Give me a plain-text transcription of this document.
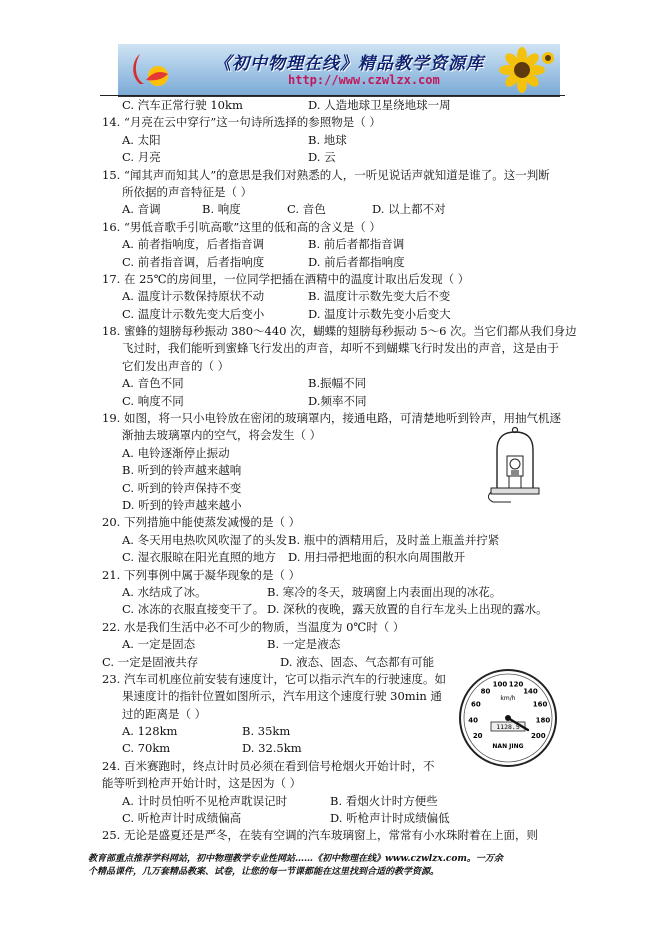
《初中物理在线》精品教学资源库
http://www.czwlzx.com
C. 汽车正常行驶 10km	D. 人造地球卫星绕地球一周
14. “月亮在云中穿行”这一句诗所选择的参照物是（ ）
A. 太阳	B. 地球
C. 月亮	D. 云
15. “闻其声而知其人”的意思是我们对熟悉的人，一听见说话声就知道是谁了。这一判断
所依据的声音特征是（ ）
A. 音调	B. 响度	C. 音色	D. 以上都不对
16. “男低音歌手引吭高歌”这里的低和高的含义是（ ）
A. 前者指响度，后者指音调	B. 前后者都指音调
C. 前者指音调，后者指响度	D. 前后者都指响度
17. 在 25℃的房间里，一位同学把插在酒精中的温度计取出后发现（ ）
A. 温度计示数保持原状不动	B. 温度计示数先变大后不变
C. 温度计示数先变大后变小	D. 温度计示数先变小后变大
18. 蜜蜂的翅膀每秒振动 380～440 次，蝴蝶的翅膀每秒振动 5～6 次。当它们都从我们身边
飞过时，我们能听到蜜蜂飞行发出的声音，却听不到蝴蝶飞行时发出的声音，这是由于
它们发出声音的（ ）
A. 音色不同	B.振幅不同
C. 响度不同	D.频率不同
19. 如图，将一只小电铃放在密闭的玻璃罩内，接通电路，可清楚地听到铃声，用抽气机逐
渐抽去玻璃罩内的空气，将会发生（ ）
A. 电铃逐渐停止振动
B. 听到的铃声越来越响
C. 听到的铃声保持不变
D. 听到的铃声越来越小
20. 下列措施中能使蒸发减慢的是（ ）
A. 冬天用电热吹风吹湿了的头发 B. 瓶中的酒精用后，及时盖上瓶盖并拧紧
C. 湿衣服晾在阳光直照的地方 D. 用扫帚把地面的积水向周围散开
21. 下列事例中属于凝华现象的是（ ）
A. 水结成了冰。	B. 寒冷的冬天，玻璃窗上内表面出现的冰花。
C. 冰冻的衣服直接变干了。 D. 深秋的夜晚，露天放置的自行车龙头上出现的露水。
22. 水是我们生活中必不可少的物质，当温度为 0℃时（ ）
A. 一定是固态	B. 一定是液态
C. 一定是固液共存	D. 液态、固态、气态都有可能
23. 汽车司机座位前安装有速度计，它可以指示汽车的行驶速度。如
果速度计的指针位置如图所示，汽车用这个速度行驶 30min 通
过的距离是（ ）
A. 128km	B. 35km
C. 70km	D. 32.5km
24. 百米赛跑时，终点计时员必须在看到信号枪烟火开始计时，不
能等听到枪声开始计时，这是因为（ ）
A. 计时员怕听不见枪声耽误记时	B. 看烟火计时方便些
C. 听枪声计时成绩偏高	D. 听枪声计时成绩偏低
25. 无论是盛夏还是严冬，在装有空调的汽车玻璃窗上，常常有小水珠附着在上面，则
20
40
60
80
100 120
140
160
180
200
km/h
1128.5
NAN JING
教育部重点推荐学科网站，初中物理教学专业性网站……《初中物理在线》www.czwlzx.com。一万余
个精品课件，几万套精品教案、试卷，让您的每一节课都能在这里找到合适的教学资源。
